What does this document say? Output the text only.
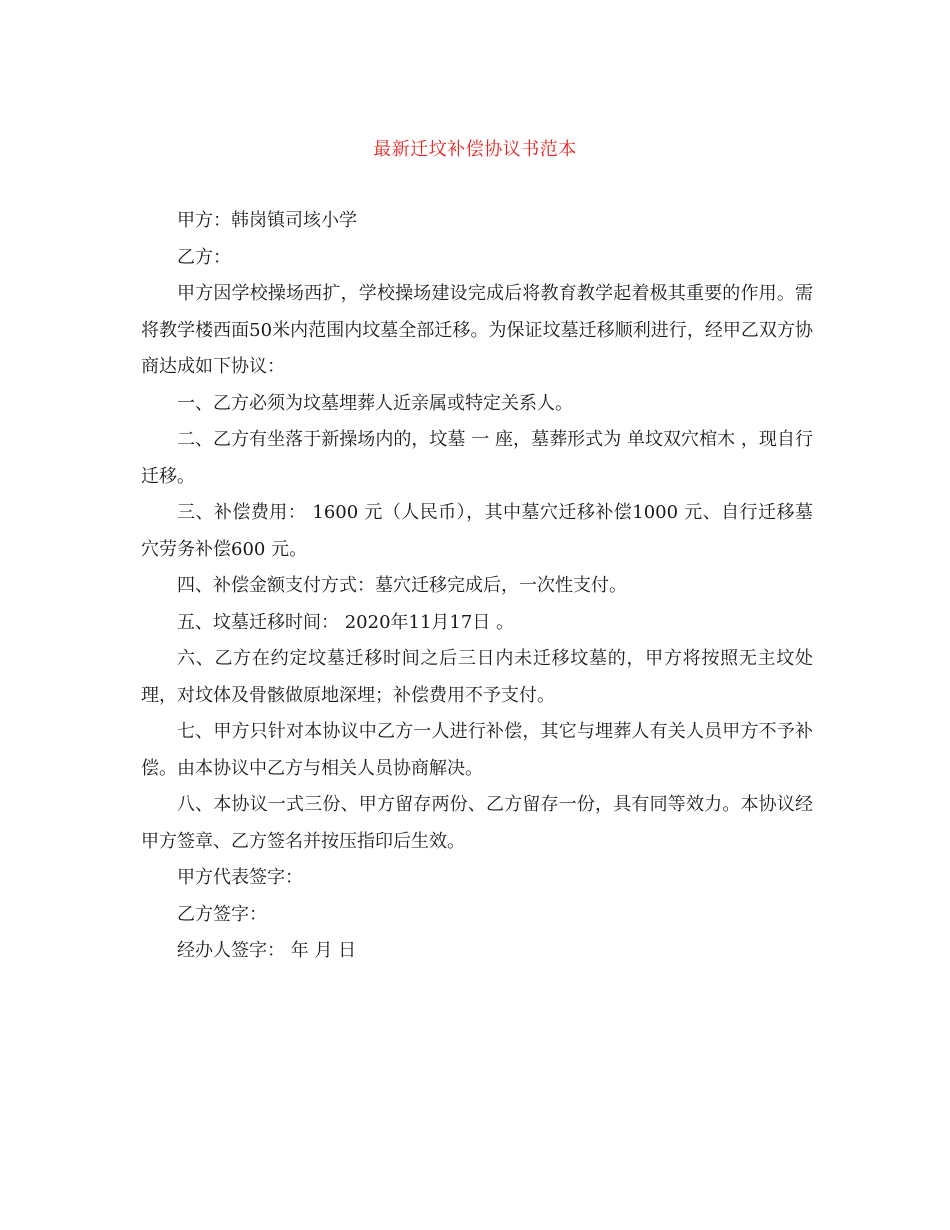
最新迁坟补偿协议书范本

甲方：韩岗镇司垓小学

乙方：

甲方因学校操场西扩，学校操场建设完成后将教育教学起着极其重要的作用。需将教学楼西面50米内范围内坟墓全部迁移。为保证坟墓迁移顺利进行，经甲乙双方协商达成如下协议：

一、乙方必须为坟墓埋葬人近亲属或特定关系人。

二、乙方有坐落于新操场内的，坟墓 一 座，墓葬形式为 单坟双穴棺木 ，现自行迁移。

三、补偿费用： 1600 元（人民币），其中墓穴迁移补偿1000 元、自行迁移墓穴劳务补偿600 元。

四、补偿金额支付方式：墓穴迁移完成后，一次性支付。

五、坟墓迁移时间： 2020年11月17日 。

六、乙方在约定坟墓迁移时间之后三日内未迁移坟墓的，甲方将按照无主坟处理，对坟体及骨骸做原地深埋；补偿费用不予支付。

七、甲方只针对本协议中乙方一人进行补偿，其它与埋葬人有关人员甲方不予补偿。由本协议中乙方与相关人员协商解决。

八、本协议一式三份、甲方留存两份、乙方留存一份，具有同等效力。本协议经甲方签章、乙方签名并按压指印后生效。

甲方代表签字：

乙方签字：

经办人签字： 年 月 日
